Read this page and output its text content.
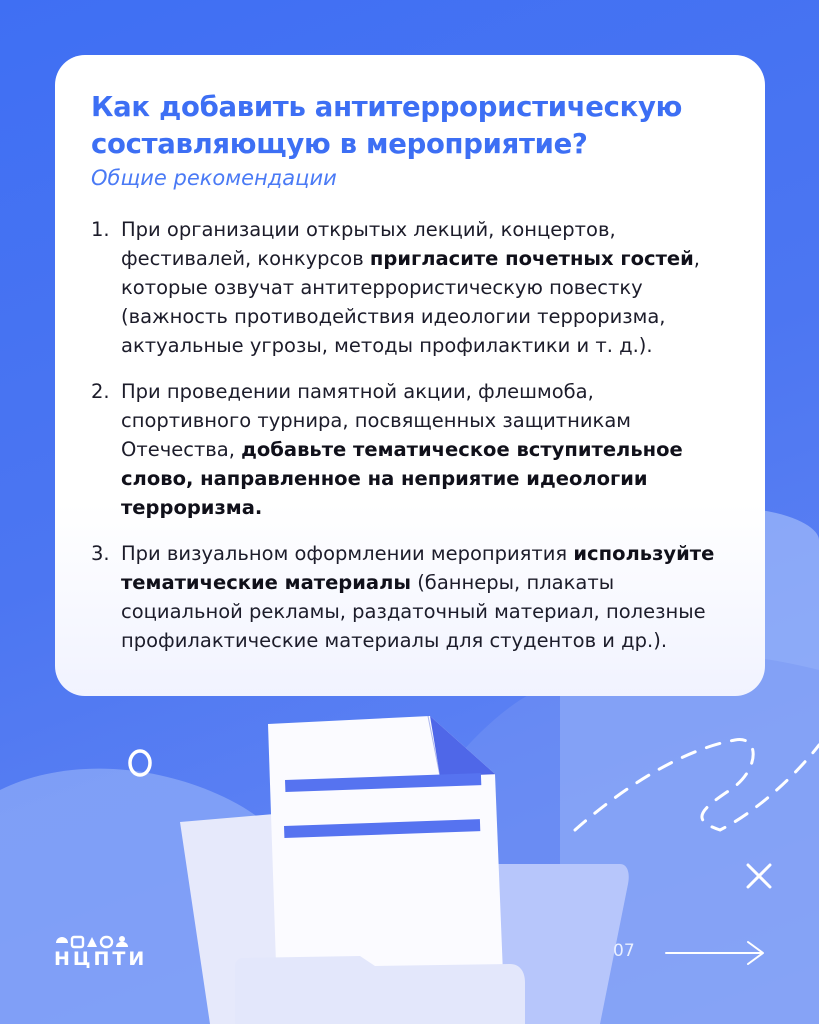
Как добавить антитеррористическую составляющую в мероприятие?

Общие рекомендации

1. При организации открытых лекций, концертов, фестивалей, конкурсов пригласите почетных гостей, которые озвучат антитеррористическую повестку (важность противодействия идеологии терроризма, актуальные угрозы, методы профилактики и т. д.).
2. При проведении памятной акции, флешмоба, спортивного турнира, посвященных защитникам Отечества, добавьте тематическое вступительное слово, направленное на неприятие идеологии терроризма.
3. При визуальном оформлении мероприятия используйте тематические материалы (баннеры, плакаты социальной рекламы, раздаточный материал, полезные профилактические материалы для студентов и др.).
НЦПТИ	07
